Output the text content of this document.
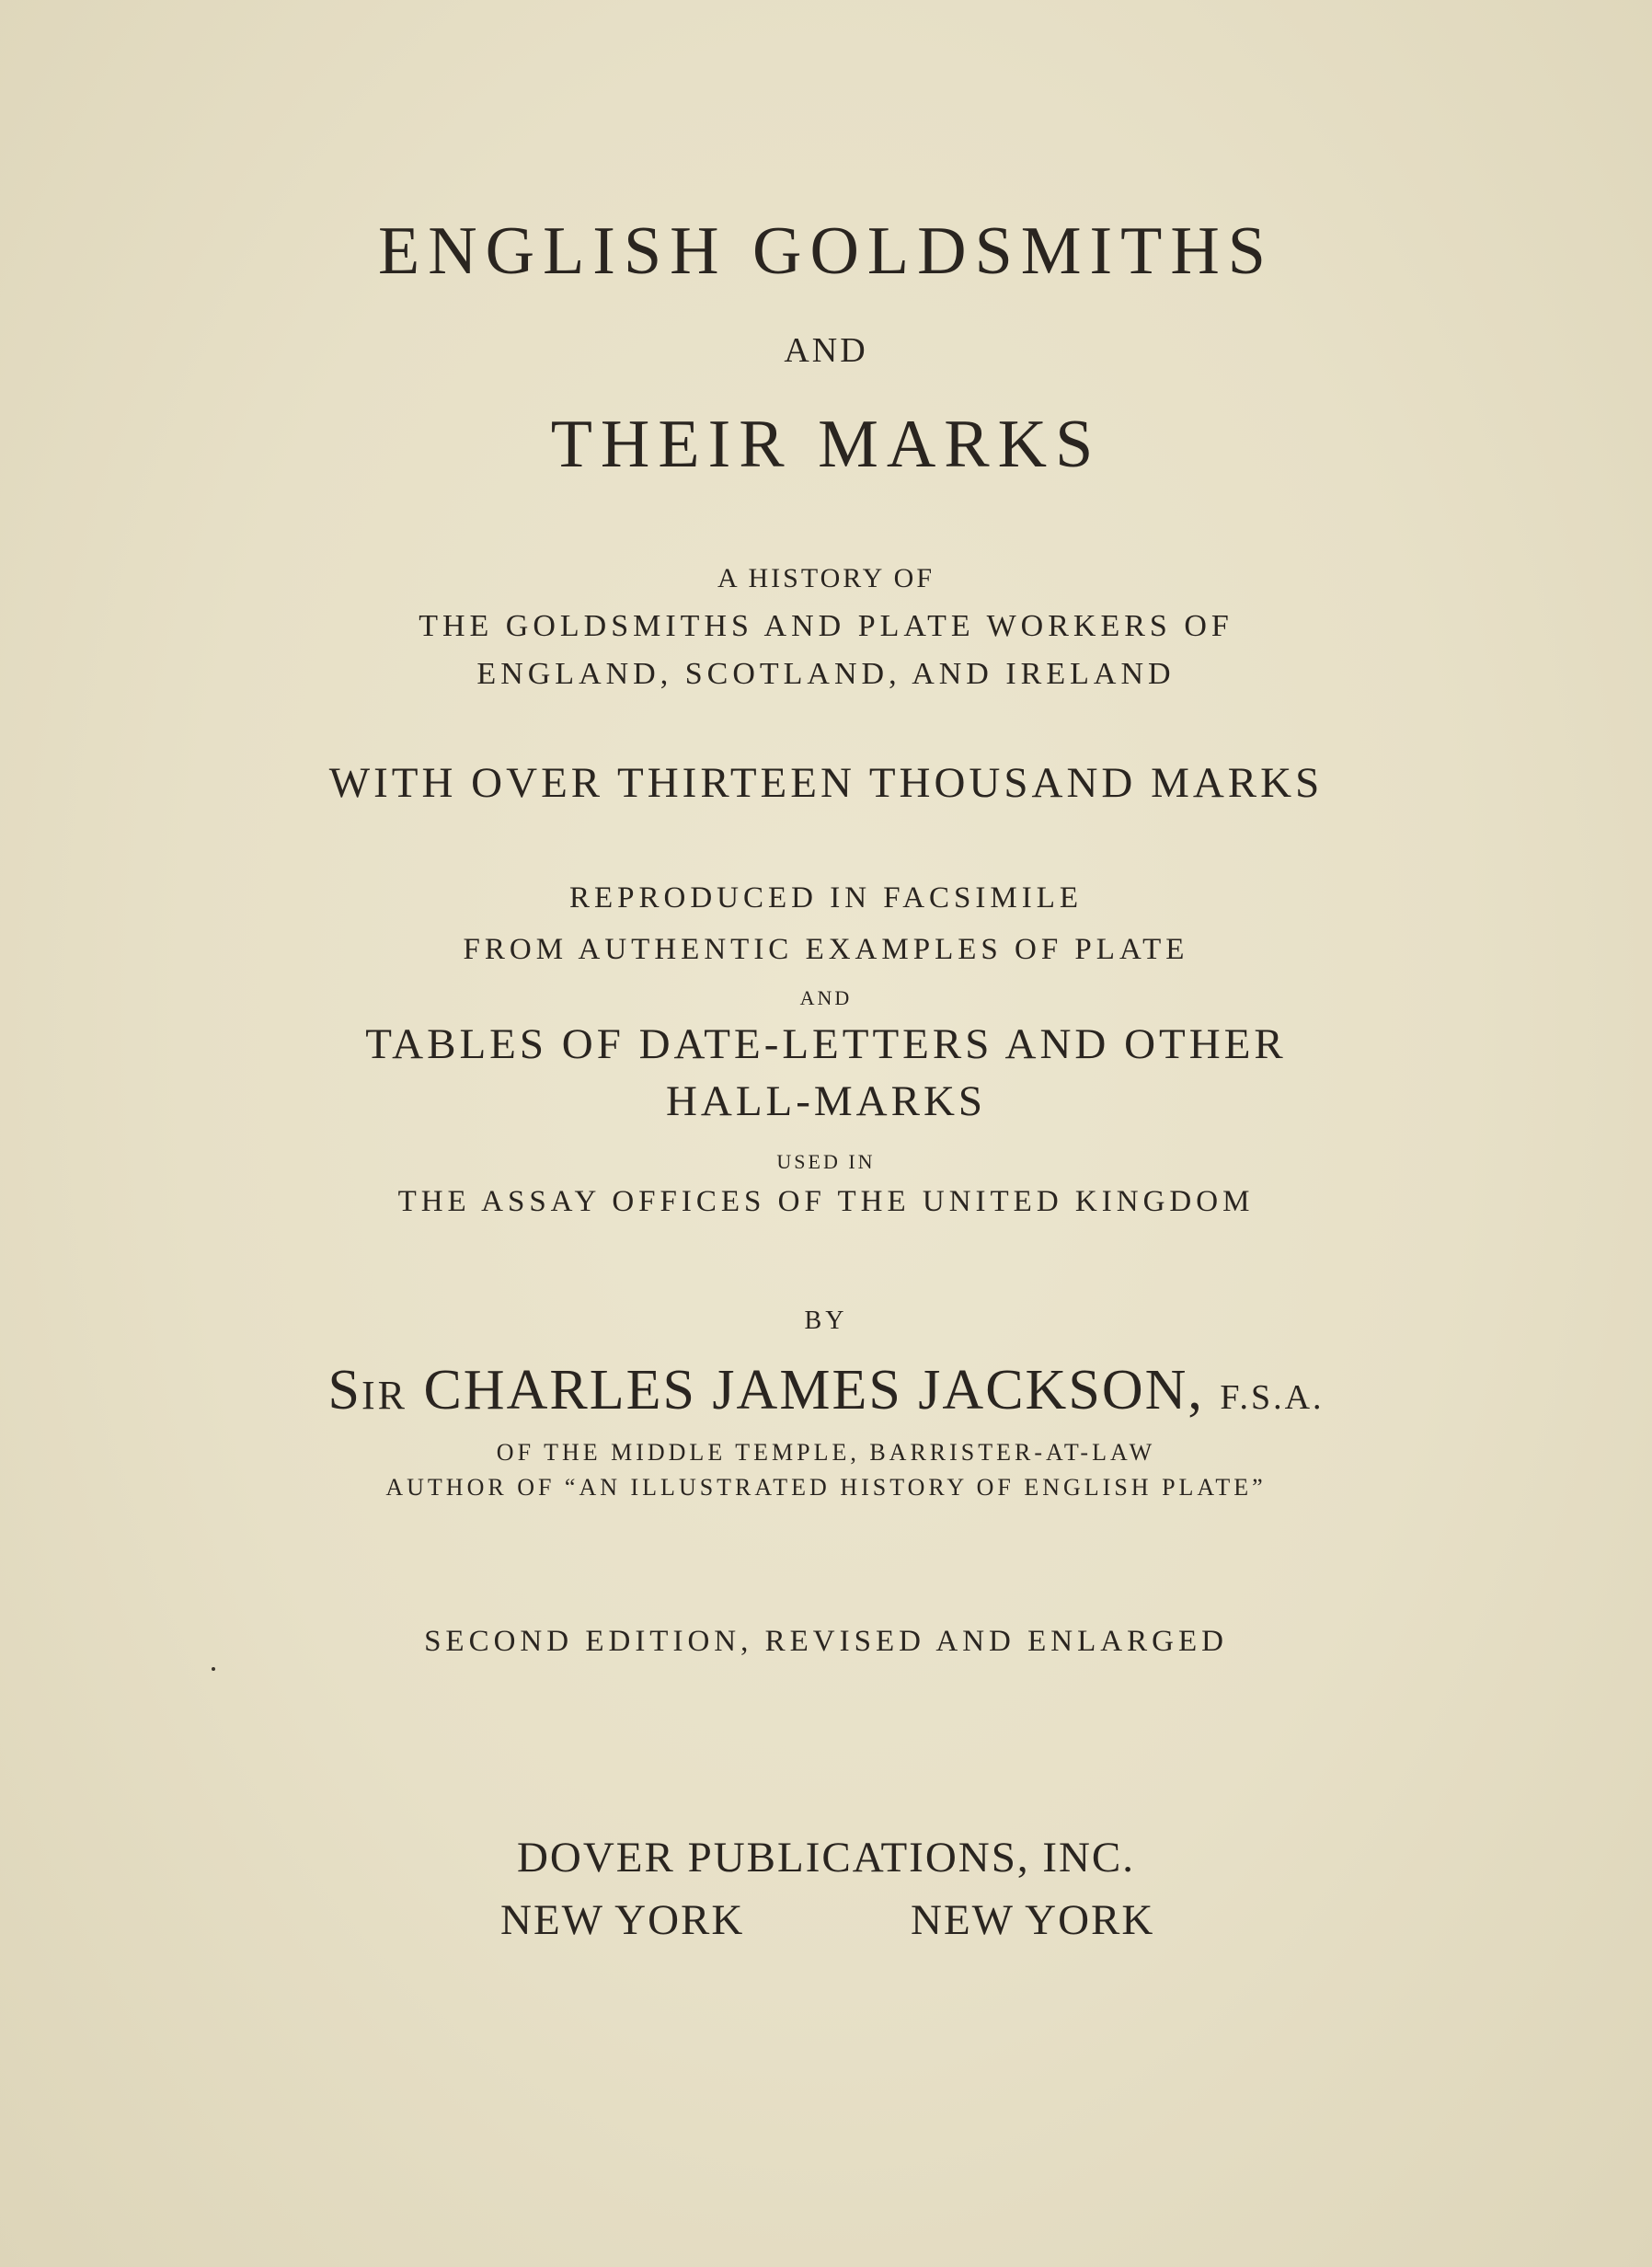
ENGLISH GOLDSMITHS
AND
THEIR MARKS
A HISTORY OF
THE GOLDSMITHS AND PLATE WORKERS OF
ENGLAND, SCOTLAND, AND IRELAND
WITH OVER THIRTEEN THOUSAND MARKS
REPRODUCED IN FACSIMILE
FROM AUTHENTIC EXAMPLES OF PLATE
AND
TABLES OF DATE-LETTERS AND OTHER
HALL-MARKS
USED IN
THE ASSAY OFFICES OF THE UNITED KINGDOM
BY
SIR CHARLES JAMES JACKSON, F.S.A.
OF THE MIDDLE TEMPLE, BARRISTER-AT-LAW
AUTHOR OF “AN ILLUSTRATED HISTORY OF ENGLISH PLATE”
SECOND EDITION, REVISED AND ENLARGED
DOVER PUBLICATIONS, INC.
NEW YORK	NEW YORK
